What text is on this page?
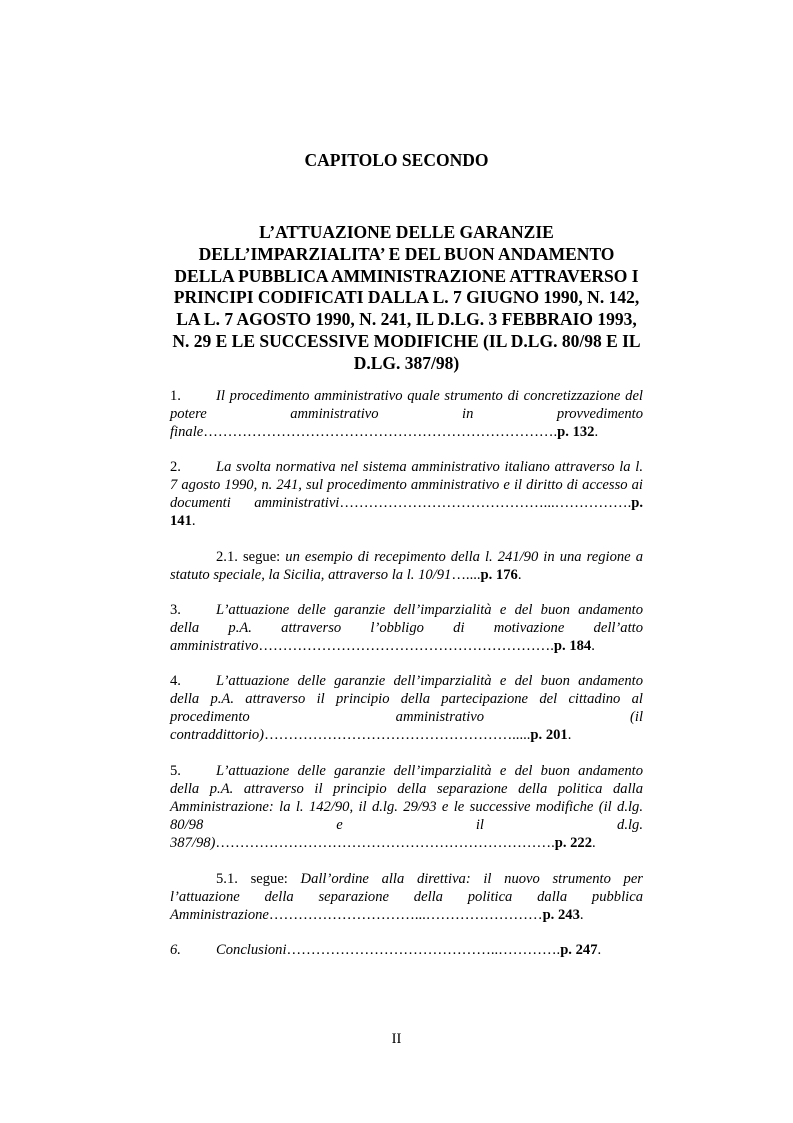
CAPITOLO SECONDO
L’ATTUAZIONE DELLE GARANZIE DELL’IMPARZIALITA’ E DEL BUON ANDAMENTO DELLA PUBBLICA AMMINISTRAZIONE ATTRAVERSO I PRINCIPI CODIFICATI DALLA L. 7 GIUGNO 1990, N. 142, LA L. 7 AGOSTO 1990, N. 241, IL D.LG. 3 FEBBRAIO 1993, N. 29 E LE SUCCESSIVE MODIFICHE (IL D.LG. 80/98 E IL D.LG. 387/98)
1. Il procedimento amministrativo quale strumento di concretizzazione del potere amministrativo in provvedimento finale……………………………………………………………….p. 132.
2. La svolta normativa nel sistema amministrativo italiano attraverso la l. 7 agosto 1990, n. 241, sul procedimento amministrativo e il diritto di accesso ai documenti amministrativi……………………………………...…………….p. 141.
2.1. segue: un esempio di recepimento della l. 241/90 in una regione a statuto speciale, la Sicilia, attraverso la l. 10/91…....p. 176.
3. L’attuazione delle garanzie dell’imparzialità e del buon andamento della p.A. attraverso l’obbligo di motivazione dell’atto amministrativo…………………………………………………….p. 184.
4. L’attuazione delle garanzie dell’imparzialità e del buon andamento della p.A. attraverso il principio della partecipazione del cittadino al procedimento amministrativo (il contraddittorio)…………………………………………….....p. 201.
5. L’attuazione delle garanzie dell’imparzialità e del buon andamento della p.A. attraverso il principio della separazione della politica dalla Amministrazione: la l. 142/90, il d.lg. 29/93 e le successive modifiche (il d.lg. 80/98 e il d.lg. 387/98)…………………………………………………………….p. 222.
5.1. segue: Dall’ordine alla direttiva: il nuovo strumento per l’attuazione della separazione della politica dalla pubblica Amministrazione…………………………...……………………p. 243.
6. Conclusioni……………………………………..………….p. 247.
II
